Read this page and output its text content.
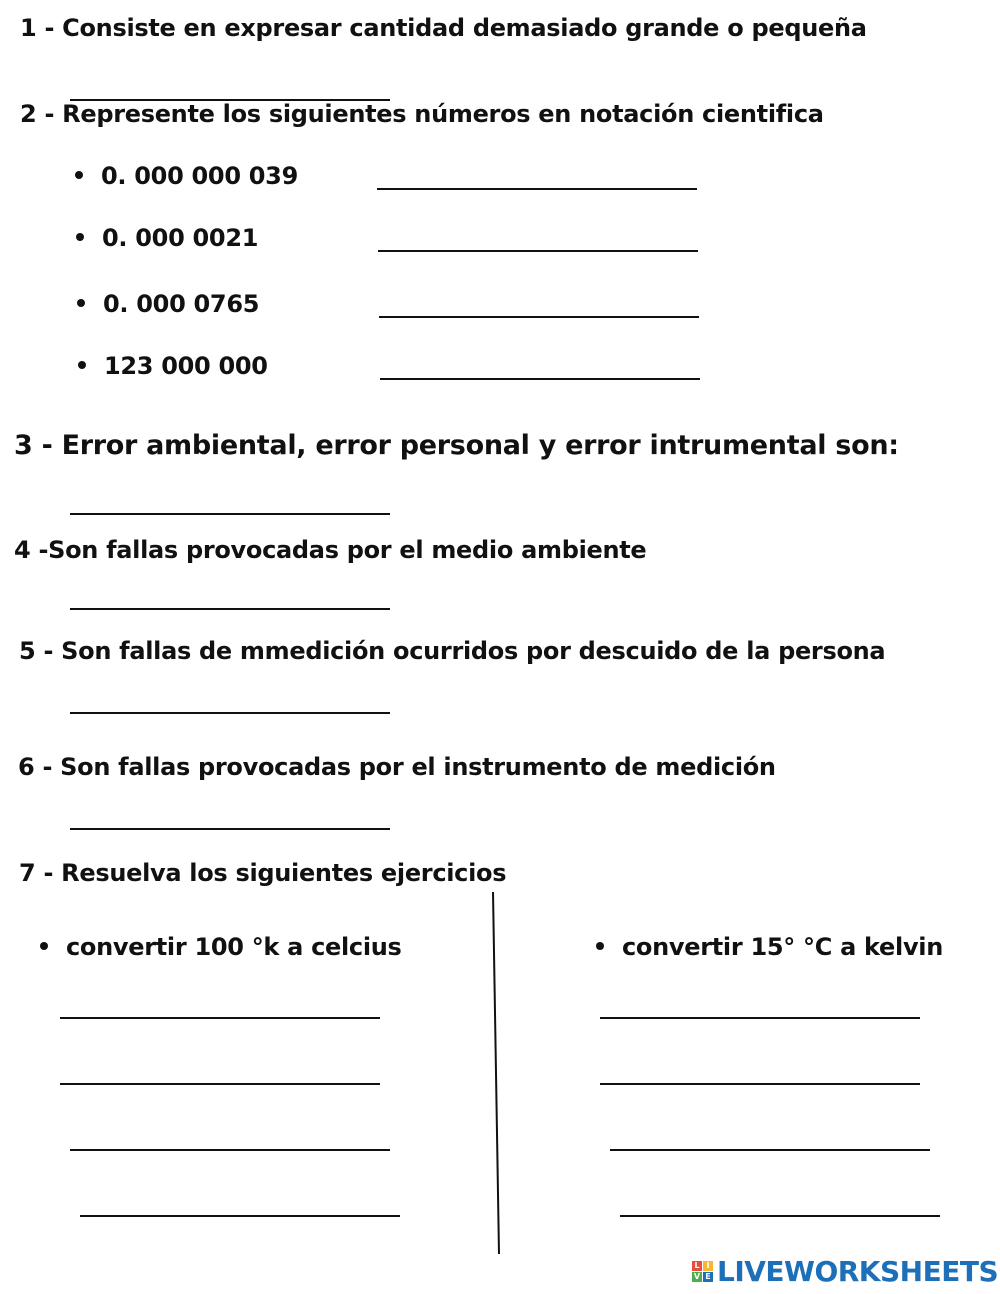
1 - Consiste en expresar cantidad demasiado grande o pequeña
2 - Represente los siguientes números en notación cientifica
0. 000 000 039
0. 000 0021
0. 000 0765
123 000 000
3 - Error ambiental, error personal y error intrumental son:
4 -Son fallas provocadas por el medio ambiente
5 - Son fallas de mmedición ocurridos por descuido de la persona
6 - Son fallas provocadas por el instrumento de medición
7 - Resuelva los siguientes ejercicios
convertir 100 °k a celcius	convertir 15° °C a kelvin
L I
V E LIVEWORKSHEETS
